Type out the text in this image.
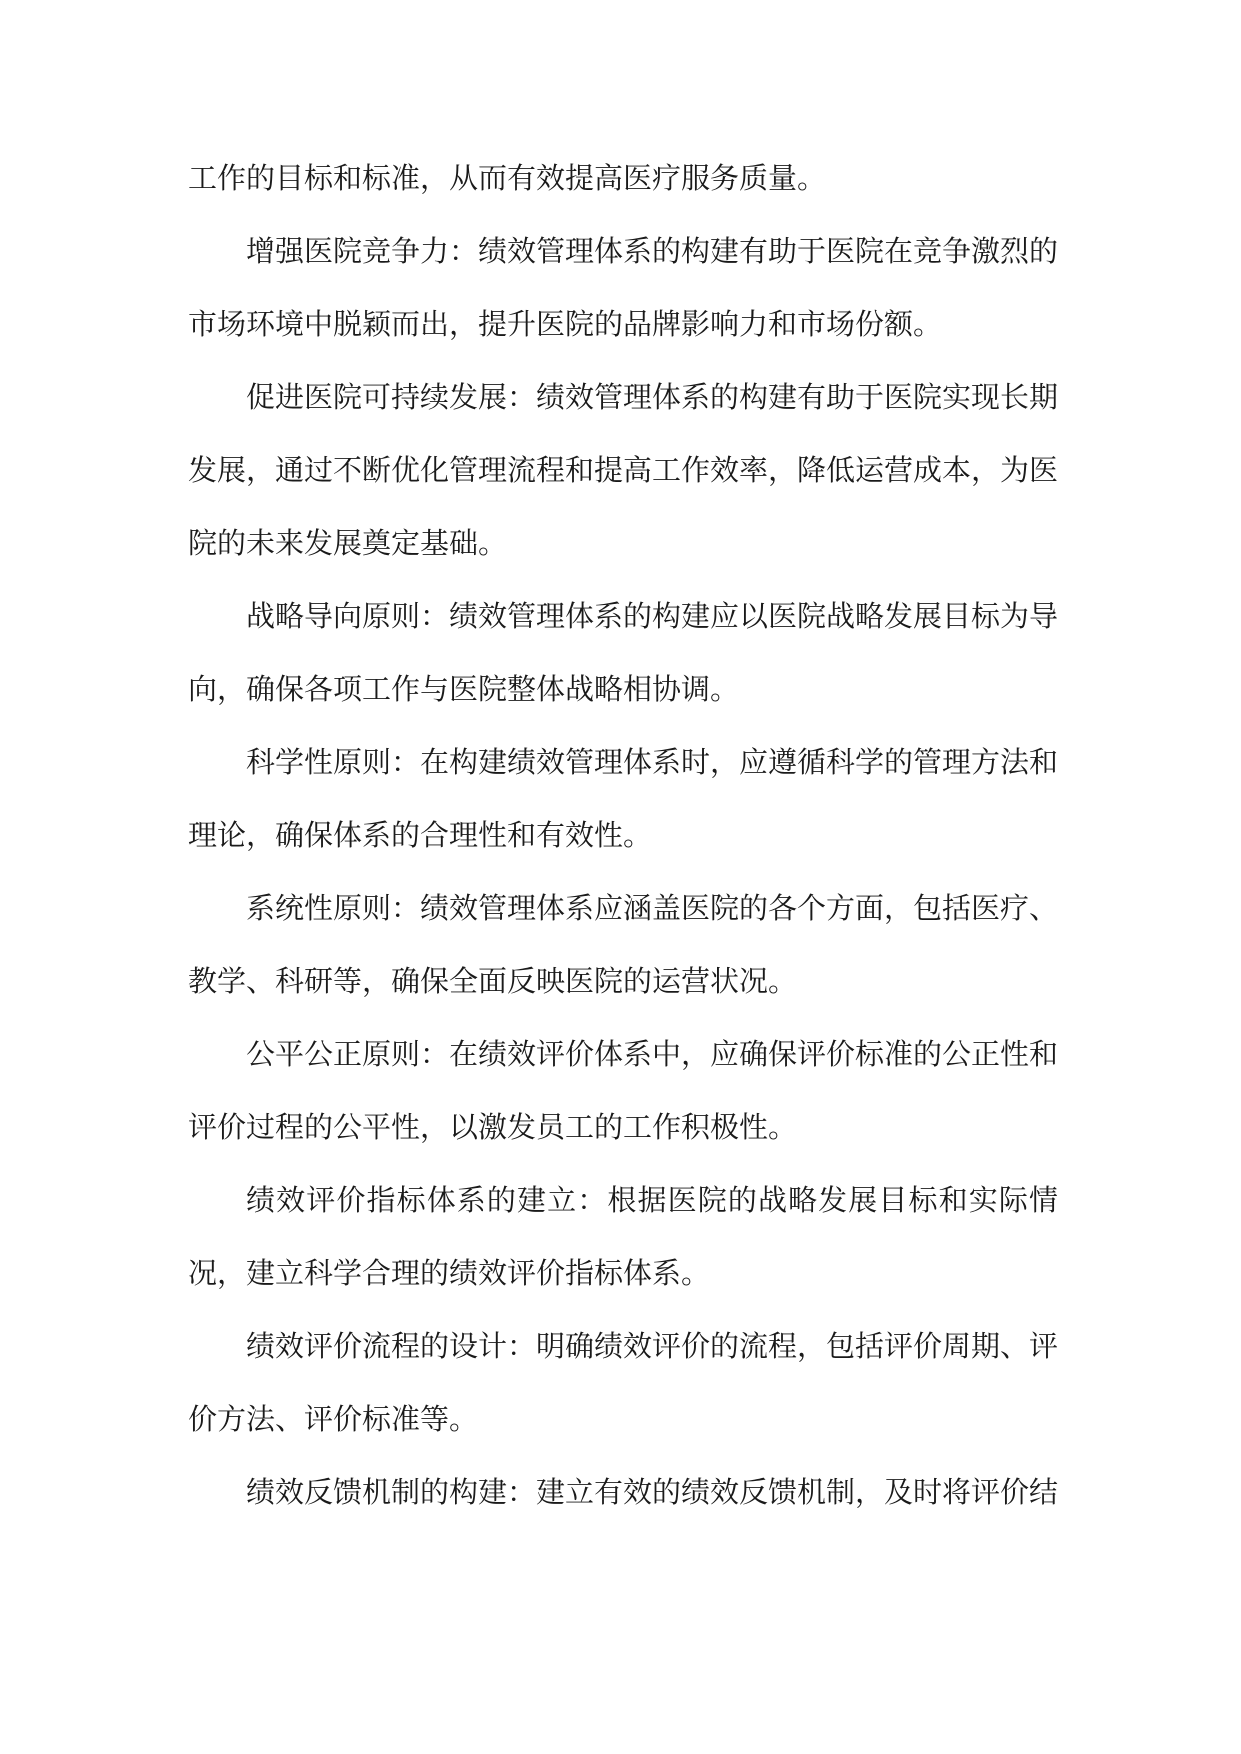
工作的目标和标准，从而有效提高医疗服务质量。

增强医院竞争力：绩效管理体系的构建有助于医院在竞争激烈的市场环境中脱颖而出，提升医院的品牌影响力和市场份额。

促进医院可持续发展：绩效管理体系的构建有助于医院实现长期发展，通过不断优化管理流程和提高工作效率，降低运营成本，为医院的未来发展奠定基础。

战略导向原则：绩效管理体系的构建应以医院战略发展目标为导向，确保各项工作与医院整体战略相协调。

科学性原则：在构建绩效管理体系时，应遵循科学的管理方法和理论，确保体系的合理性和有效性。

系统性原则：绩效管理体系应涵盖医院的各个方面，包括医疗、教学、科研等，确保全面反映医院的运营状况。

公平公正原则：在绩效评价体系中，应确保评价标准的公正性和评价过程的公平性，以激发员工的工作积极性。

绩效评价指标体系的建立：根据医院的战略发展目标和实际情况，建立科学合理的绩效评价指标体系。

绩效评价流程的设计：明确绩效评价的流程，包括评价周期、评价方法、评价标准等。

绩效反馈机制的构建：建立有效的绩效反馈机制，及时将评价结
